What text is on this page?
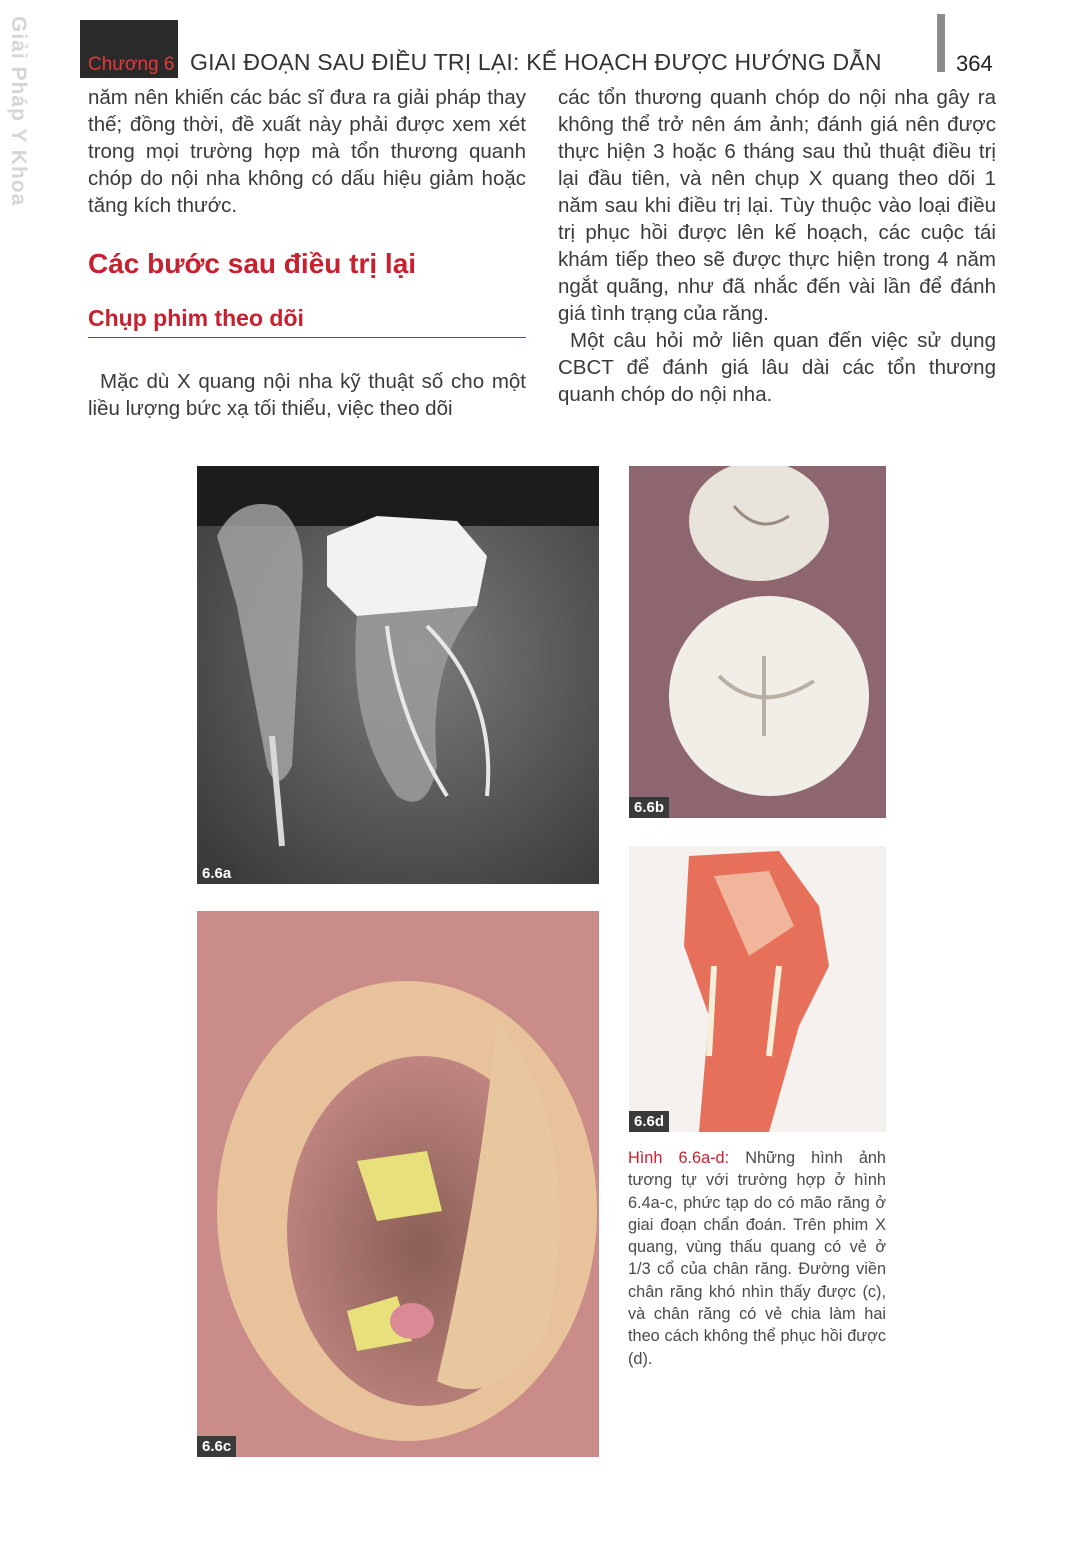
Giải Pháp Y Khoa	Chương 6 GIAI ĐOẠN SAU ĐIỀU TRỊ LẠI: KẾ HOẠCH ĐƯỢC HƯỚNG DẪN	364

năm nên khiến các bác sĩ đưa ra giải pháp thay thế; đồng thời, đề xuất này phải được xem xét trong mọi trường hợp mà tổn thương quanh chóp do nội nha không có dấu hiệu giảm hoặc tăng kích thước.

Các bước sau điều trị lại

Chụp phim theo dõi

Mặc dù X quang nội nha kỹ thuật số cho một liều lượng bức xạ tối thiểu, việc theo dõi

các tổn thương quanh chóp do nội nha gây ra không thể trở nên ám ảnh; đánh giá nên được thực hiện 3 hoặc 6 tháng sau thủ thuật điều trị lại đầu tiên, và nên chụp X quang theo dõi 1 năm sau khi điều trị lại. Tùy thuộc vào loại điều trị phục hồi được lên kế hoạch, các cuộc tái khám tiếp theo sẽ được thực hiện trong 4 năm ngắt quãng, như đã nhắc đến vài lần để đánh giá tình trạng của răng.

Một câu hỏi mở liên quan đến việc sử dụng CBCT để đánh giá lâu dài các tổn thương quanh chóp do nội nha.

6.6a
6.6b
6.6d
6.6c
Hình 6.6a-d: Những hình ảnh tương tự với trường hợp ở hình 6.4a-c, phức tạp do có mão răng ở giai đoạn chẩn đoán. Trên phim X quang, vùng thấu quang có vẻ ở 1/3 cổ của chân răng. Đường viền chân răng khó nhìn thấy được (c), và chân răng có vẻ chia làm hai theo cách không thể phục hồi được (d).
